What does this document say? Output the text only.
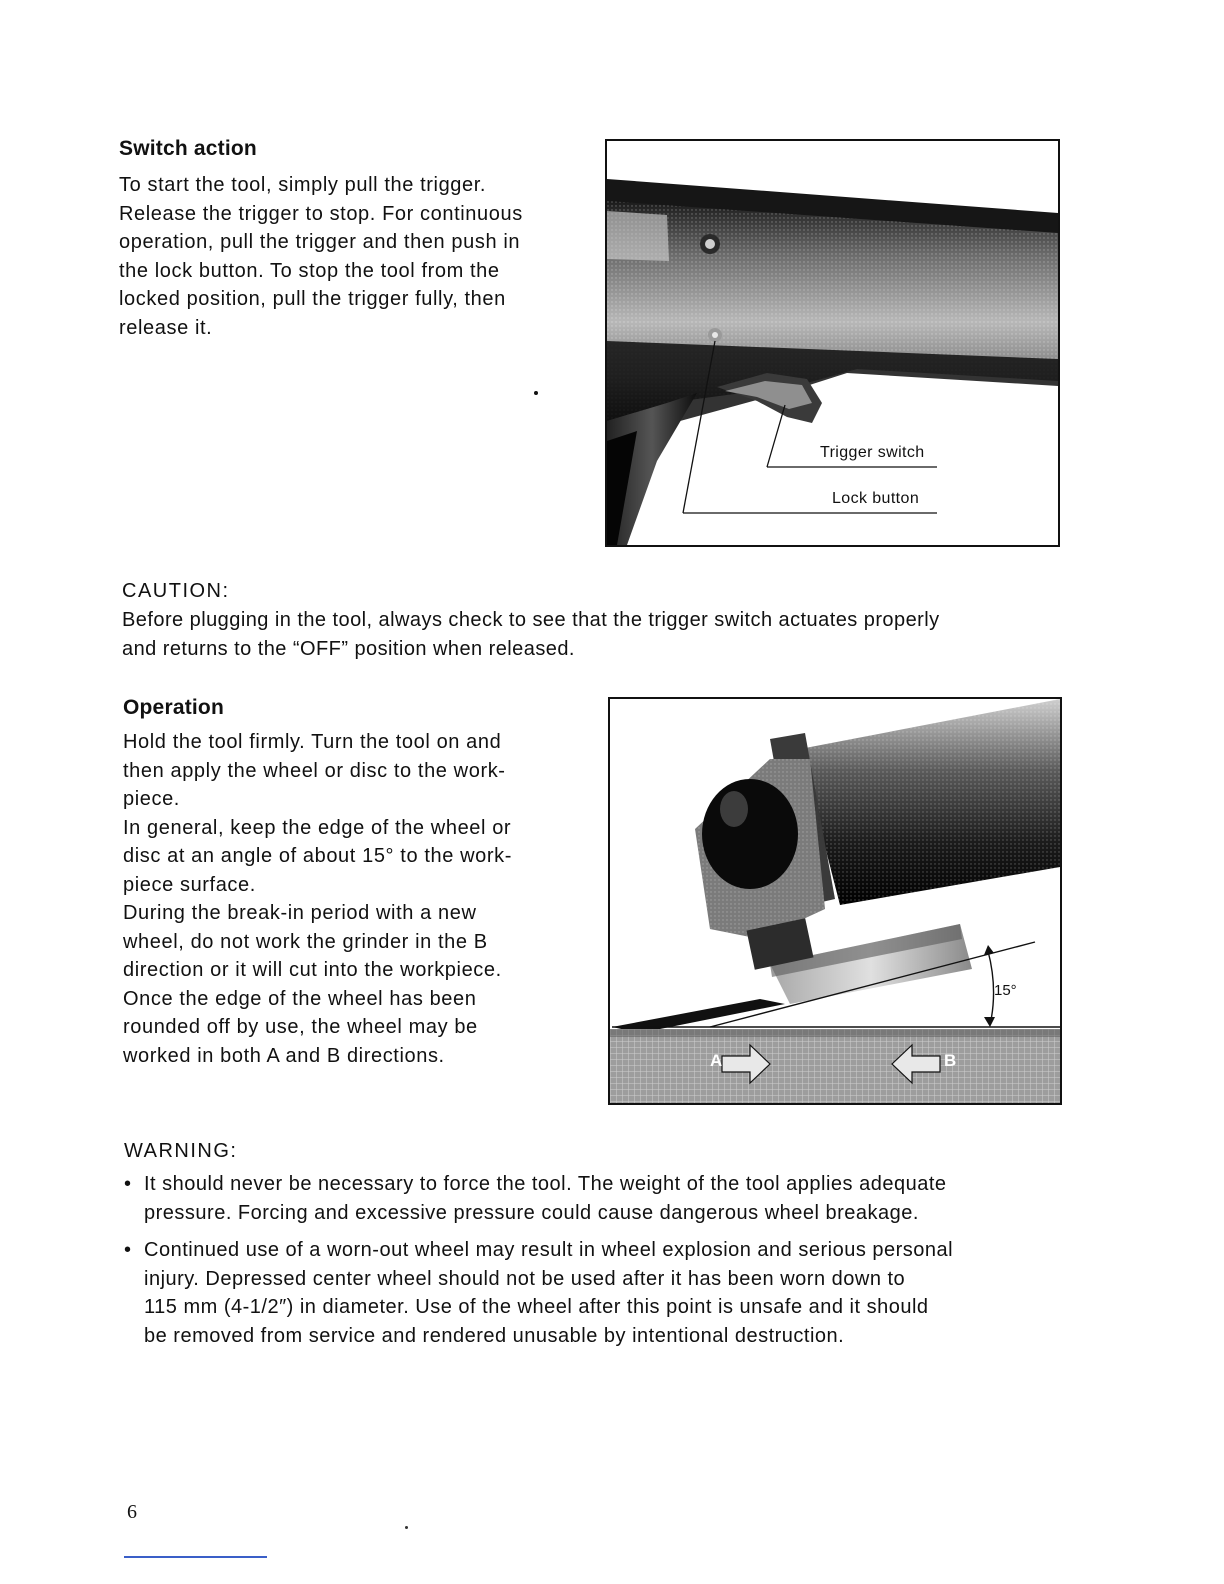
Switch action
To start the tool, simply pull the trigger.
Release the trigger to stop. For continuous
operation, pull the trigger and then push in
the lock button. To stop the tool from the
locked position, pull the trigger fully, then
release it.
Trigger switch
Lock button
CAUTION:
Before plugging in the tool, always check to see that the trigger switch actuates properly
and returns to the “OFF” position when released.
Operation
Hold the tool firmly. Turn the tool on and
then apply the wheel or disc to the work-
piece.
In general, keep the edge of the wheel or
disc at an angle of about 15° to the work-
piece surface.
During the break-in period with a new
wheel, do not work the grinder in the B
direction or it will cut into the workpiece.
Once the edge of the wheel has been
rounded off by use, the wheel may be
worked in both A and B directions.
15°
A	B
WARNING:
• It should never be necessary to force the tool. The weight of the tool applies adequate
pressure. Forcing and excessive pressure could cause dangerous wheel breakage.
• Continued use of a worn-out wheel may result in wheel explosion and serious personal
injury. Depressed center wheel should not be used after it has been worn down to
115 mm (4-1/2″) in diameter. Use of the wheel after this point is unsafe and it should
be removed from service and rendered unusable by intentional destruction.
6
